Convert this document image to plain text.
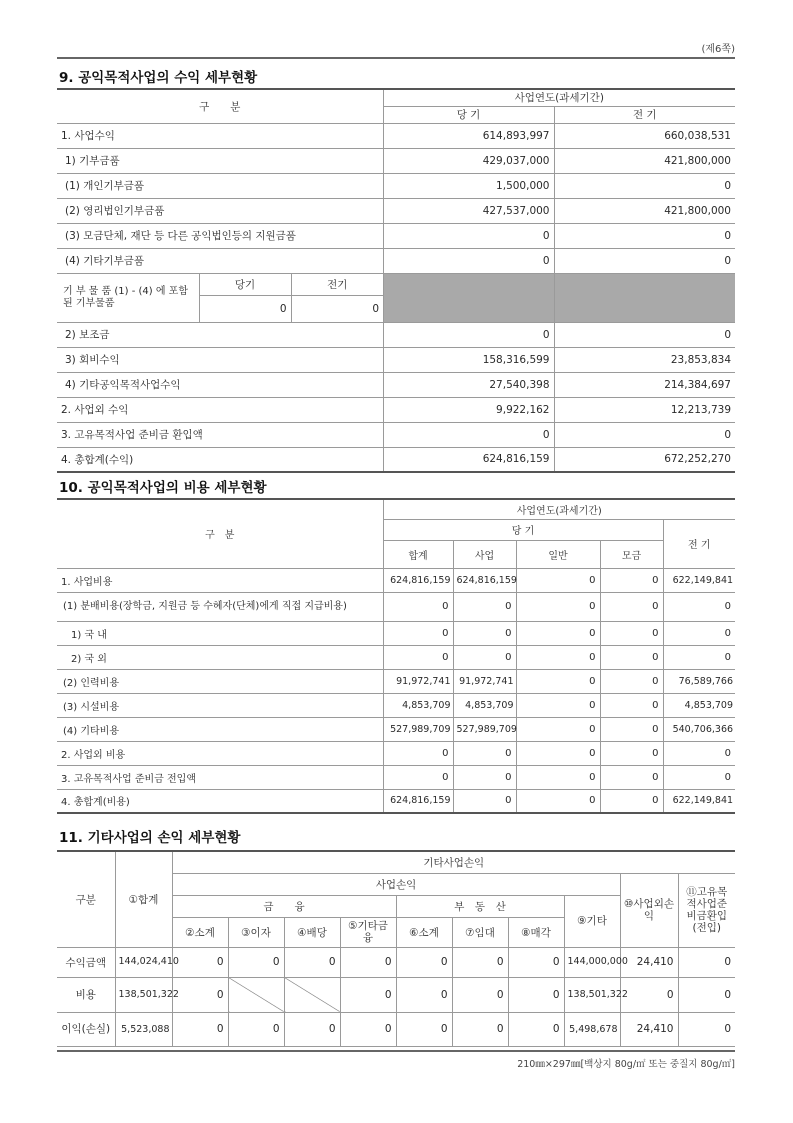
(제6쪽)
9. 공익목적사업의 수익 세부현황
구　　분	사업연도(과세기간)
당 기	전 기
1. 사업수익	614,893,997	660,038,531
1) 기부금품	429,037,000	421,800,000
(1) 개인기부금품	1,500,000	0
(2) 영리법인기부금품	427,537,000	421,800,000
(3) 모금단체, 재단 등 다른 공익법인등의 지원금품	0	0
(4) 기타기부금품	0	0

기 부 물 품 (1) - (4) 에 포함된 기부물품	당기	전기
0	0

2) 보조금	0	0
3) 회비수익	158,316,599	23,853,834
4) 기타공익목적사업수익	27,540,398	214,384,697
2. 사업외 수익	9,922,162	12,213,739
3. 고유목적사업 준비금 환입액	0	0
4. 총합계(수익)	624,816,159	672,252,270
10. 공익목적사업의 비용 세부현황
구　분	사업연도(과세기간)				
	당 기				전 기
	합계	사업	일반	모금	
1. 사업비용	624,816,159	624,816,159	0	0	622,149,841
(1) 분배비용(장학금, 지원금 등 수혜자(단체)에게 직접 지급비용)	0	0	0	0	0
1) 국 내	0	0	0	0	0
2) 국 외	0	0	0	0	0
(2) 인력비용	91,972,741	91,972,741	0	0	76,589,766
(3) 시설비용	4,853,709	4,853,709	0	0	4,853,709
(4) 기타비용	527,989,709	527,989,709	0	0	540,706,366
2. 사업외 비용	0	0	0	0	0
3. 고유목적사업 준비금 전입액	0	0	0	0	0
4. 총합계(비용)	624,816,159	0	0	0	622,149,841
11. 기타사업의 손익 세부현황
구분	①합계	기타사업손익									
		사업손익								⑩사업외손익	⑪고유목적사업준비금환입(전입)
		금　　융				부　동　산			⑨기타		
		②소계	③이자	④배당	⑤기타금융	⑥소계	⑦임대	⑧매각			
수익금액	144,024,410	0	0	0	0	0	0	0	144,000,000	24,410	0
비용	138,501,322	0			0	0	0	0	138,501,322	0	0
이익(손실)	5,523,088	0	0	0	0	0	0	0	5,498,678	24,410	0
210㎜×297㎜[백상지 80g/㎡ 또는 중질지 80g/㎡]
